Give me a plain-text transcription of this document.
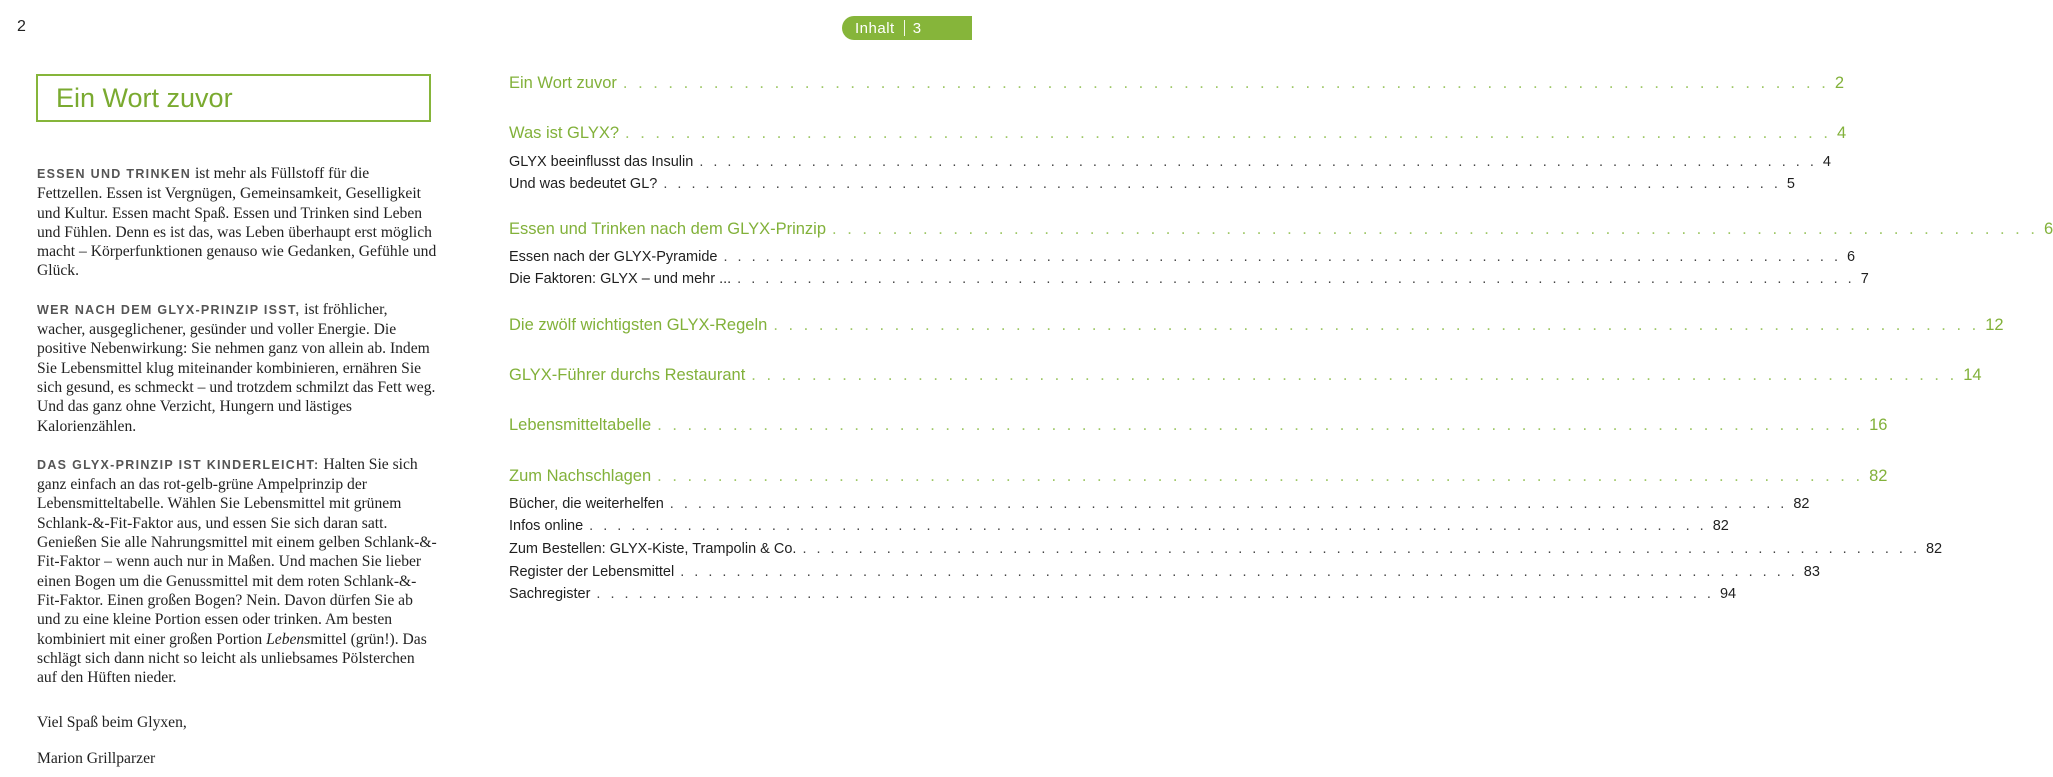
2	Inhalt 3
Ein Wort zuvor

ESSEN UND TRINKEN ist mehr als Füllstoff für die Fettzellen. Essen ist Vergnügen, Gemeinsamkeit, Geselligkeit und Kultur. Essen macht Spaß. Essen und Trinken sind Leben und Fühlen. Denn es ist das, was Leben überhaupt erst möglich macht – Körperfunktionen genauso wie Gedanken, Gefühle und Glück.

WER NACH DEM GLYX-PRINZIP ISST, ist fröhlicher, wacher, ausgeglichener, gesünder und voller Energie. Die positive Nebenwirkung: Sie nehmen ganz von allein ab. Indem Sie Lebensmittel klug miteinander kombinieren, ernähren Sie sich gesund, es schmeckt – und trotzdem schmilzt das Fett weg. Und das ganz ohne Verzicht, Hungern und lästiges Kalorienzählen.

DAS GLYX-PRINZIP IST KINDERLEICHT: Halten Sie sich ganz einfach an das rot-gelb-grüne Ampelprinzip der Lebensmitteltabelle. Wählen Sie Lebensmittel mit grünem Schlank-&-Fit-Faktor aus, und essen Sie sich daran satt. Genießen Sie alle Nahrungsmittel mit einem gelben Schlank-&-Fit-Faktor – wenn auch nur in Maßen. Und machen Sie lieber einen Bogen um die Genussmittel mit dem roten Schlank-&-Fit-Faktor. Einen großen Bogen? Nein. Davon dürfen Sie ab und zu eine kleine Portion essen oder trinken. Am besten kombiniert mit einer großen Portion Lebensmittel (grün!). Das schlägt sich dann nicht so leicht als unliebsames Pölsterchen auf den Hüften nieder.

Viel Spaß beim Glyxen,
Marion Grillparzer
Ein Wort zuvor . . . . . . . . . . . . . . . . . . . . . . . . . . . . . . . . . . . . . . . . . . . . . . . . . . . . . . . . . . . . . . . . . . . . . . . . . . . . . . . . 2
Was ist GLYX? . . . . . . . . . . . . . . . . . . . . . . . . . . . . . . . . . . . . . . . . . . . . . . . . . . . . . . . . . . . . . . . . . . . . . . . . . . . . . . . . 4
GLYX beeinflusst das Insulin . . . . . . . . . . . . . . . . . . . . . . . . . . . . . . . . . . . . . . . . . . . . . . . . . . . . . . . . . . . . . . . . . . . . . . . . . . . . . . . . 4
Und was bedeutet GL? . . . . . . . . . . . . . . . . . . . . . . . . . . . . . . . . . . . . . . . . . . . . . . . . . . . . . . . . . . . . . . . . . . . . . . . . . . . . . . . . 5
Essen und Trinken nach dem GLYX-Prinzip . . . . . . . . . . . . . . . . . . . . . . . . . . . . . . . . . . . . . . . . . . . . . . . . . . . . . . . . . . . . . . . . . . . . . . . . . . . . . . . . 6
Essen nach der GLYX-Pyramide . . . . . . . . . . . . . . . . . . . . . . . . . . . . . . . . . . . . . . . . . . . . . . . . . . . . . . . . . . . . . . . . . . . . . . . . . . . . . . . . 6
Die Faktoren: GLYX – und mehr ... . . . . . . . . . . . . . . . . . . . . . . . . . . . . . . . . . . . . . . . . . . . . . . . . . . . . . . . . . . . . . . . . . . . . . . . . . . . . . . . . 7
Die zwölf wichtigsten GLYX-Regeln . . . . . . . . . . . . . . . . . . . . . . . . . . . . . . . . . . . . . . . . . . . . . . . . . . . . . . . . . . . . . . . . . . . . . . . . . . . . . . . . 12
GLYX-Führer durchs Restaurant . . . . . . . . . . . . . . . . . . . . . . . . . . . . . . . . . . . . . . . . . . . . . . . . . . . . . . . . . . . . . . . . . . . . . . . . . . . . . . . . 14
Lebensmitteltabelle . . . . . . . . . . . . . . . . . . . . . . . . . . . . . . . . . . . . . . . . . . . . . . . . . . . . . . . . . . . . . . . . . . . . . . . . . . . . . . . . 16
Zum Nachschlagen . . . . . . . . . . . . . . . . . . . . . . . . . . . . . . . . . . . . . . . . . . . . . . . . . . . . . . . . . . . . . . . . . . . . . . . . . . . . . . . . 82
Bücher, die weiterhelfen . . . . . . . . . . . . . . . . . . . . . . . . . . . . . . . . . . . . . . . . . . . . . . . . . . . . . . . . . . . . . . . . . . . . . . . . . . . . . . . . 82
Infos online . . . . . . . . . . . . . . . . . . . . . . . . . . . . . . . . . . . . . . . . . . . . . . . . . . . . . . . . . . . . . . . . . . . . . . . . . . . . . . . . 82
Zum Bestellen: GLYX-Kiste, Trampolin & Co. . . . . . . . . . . . . . . . . . . . . . . . . . . . . . . . . . . . . . . . . . . . . . . . . . . . . . . . . . . . . . . . . . . . . . . . . . . . . . . . . 82
Register der Lebensmittel . . . . . . . . . . . . . . . . . . . . . . . . . . . . . . . . . . . . . . . . . . . . . . . . . . . . . . . . . . . . . . . . . . . . . . . . . . . . . . . . 83
Sachregister . . . . . . . . . . . . . . . . . . . . . . . . . . . . . . . . . . . . . . . . . . . . . . . . . . . . . . . . . . . . . . . . . . . . . . . . . . . . . . . . 94
